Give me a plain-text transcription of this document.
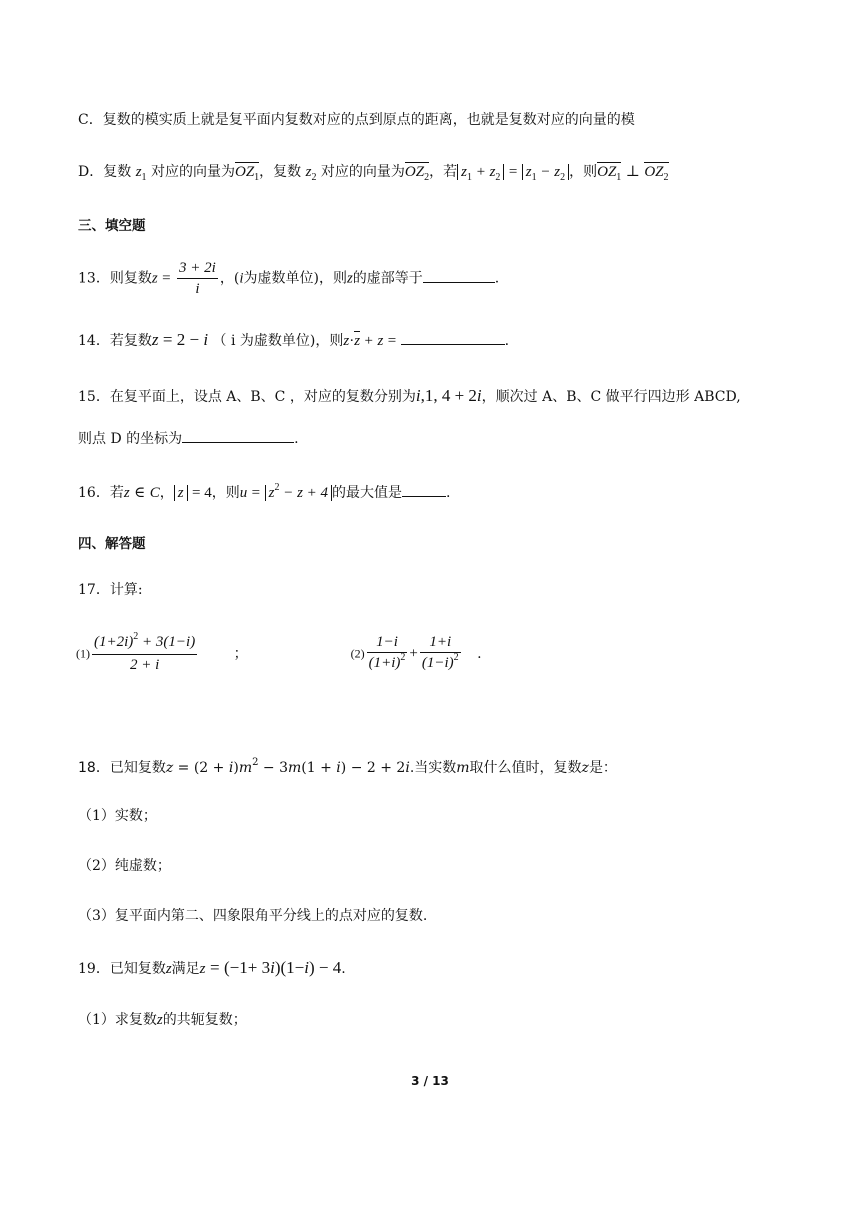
C．复数的模实质上就是复平面内复数对应的点到原点的距离，也就是复数对应的向量的模
D．复数 $z_1$ 对应的向量为$OZ_1$，复数 $z_2$ 对应的向量为$OZ_2$，若 $z_1 + z_2 = z_1 - z_2$ ，则$OZ_1$ ⊥ $OZ_2$
三、填空题
13．则复数$z = \frac{3 + 2i}{i}$ ，(i为虚数单位)，则z的虚部等于	.
14．若复数z = 2 − i （ i 为虚数单位)，则z·z + z =	.
15．在复平面上，设点 A、B、C ，对应的复数分别为i,1, 4 + 2i，顺次过 A、B、C 做平行四边形 ABCD,
则点 D 的坐标为	.
16．若z ∈ C， z = 4，则$u = z^2 - z + 4$ 的最大值是	.
四、解答题
17．计算:
$(1) \frac{(1+2i)^2 + 3(1-i)}{2 + i}$	；	$(2) \frac{1-i}{(1+i)^2} + \frac{1+i}{(1-i)^2}$ .
18．已知复数$z = (2 + i)m^2 - 3m(1 + i) - 2 + 2i$.当实数m取什么值时，复数z是：
（1）实数；
（2）纯虚数；
（3）复平面内第二、四象限角平分线上的点对应的复数.
19．已知复数z满足z = (−1+ 3i)(1−i) − 4.
（1）求复数z的共轭复数；
3 / 13
